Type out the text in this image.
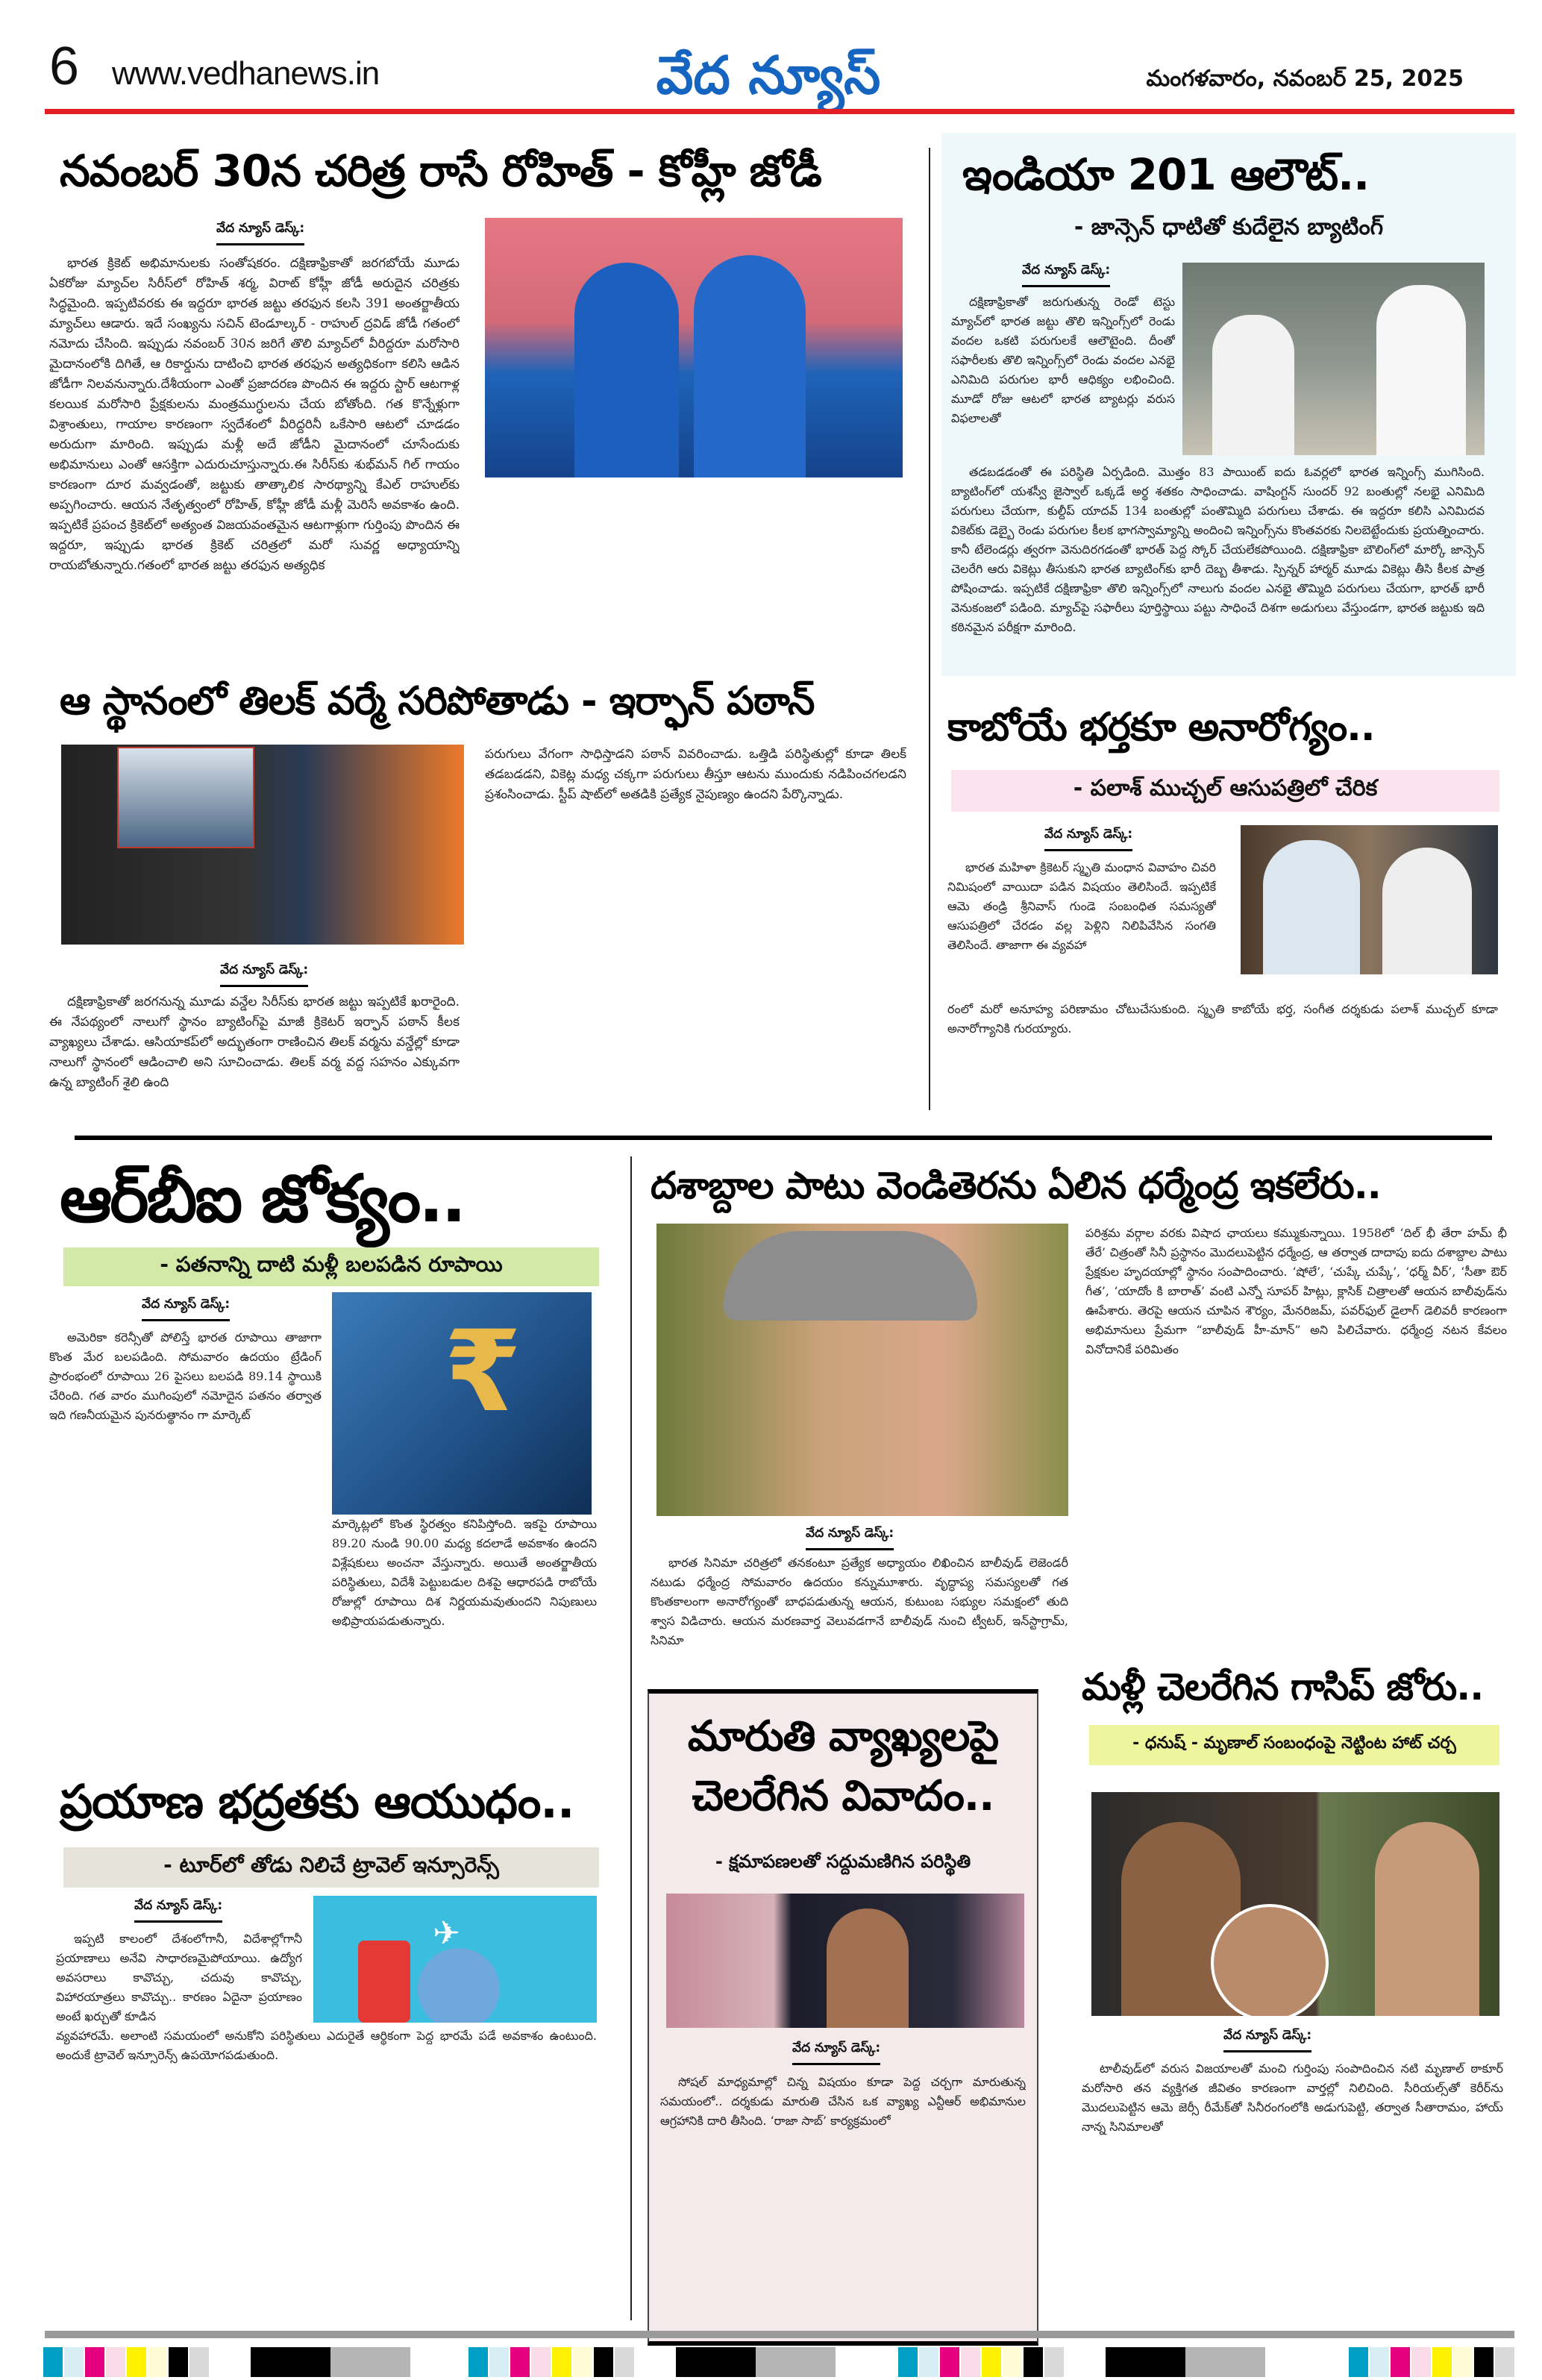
6 www.vedhanews.in	వేద న్యూస్	మంగళవారం, నవంబర్ 25, 2025
నవంబర్ 30న చరిత్ర రాసే రోహిత్ - కోహ్లీ జోడీ
వేద న్యూస్ డెస్క్:
భారత క్రికెట్ అభిమానులకు సంతోషకరం. దక్షిణాఫ్రికాతో జరగబోయే మూడు ఏకరోజు మ్యాచ్‌ల సిరీస్‌లో రోహిత్ శర్మ, విరాట్ కోహ్లీ జోడీ అరుదైన చరిత్రకు సిద్ధమైంది. ఇప్పటివరకు ఈ ఇద్దరూ భారత జట్టు తరఫున కలసి 391 అంతర్జాతీయ మ్యాచ్‌లు ఆడారు. ఇదే సంఖ్యను సచిన్ టెండూల్కర్ - రాహుల్ ద్రవిడ్ జోడీ గతంలో నమోదు చేసింది. ఇప్పుడు నవంబర్ 30న జరిగే తొలి మ్యాచ్‌లో వీరిద్దరూ మరోసారి మైదానంలోకి దిగితే, ఆ రికార్డును దాటించి భారత తరఫున అత్యధికంగా కలిసి ఆడిన జోడీగా నిలవనున్నారు.దేశీయంగా ఎంతో ప్రజాదరణ పొందిన ఈ ఇద్దరు స్టార్ ఆటగాళ్ల కలయిక మరోసారి ప్రేక్షకులను మంత్రముగ్ధులను చేయ బోతోంది. గత కొన్నేళ్లుగా విశ్రాంతులు, గాయాల కారణంగా స్వదేశంలో వీరిద్దరినీ ఒకేసారి ఆటలో చూడడం అరుదుగా మారింది. ఇప్పుడు మళ్లీ అదే జోడీని మైదానంలో చూసేందుకు అభిమానులు ఎంతో ఆసక్తిగా ఎదురుచూస్తున్నారు.ఈ సిరీస్‌కు శుభ్‌మన్ గిల్ గాయం కారణంగా దూర మవ్వడంతో, జట్టుకు తాత్కాలిక సారథ్యాన్ని కేఎల్ రాహుల్‌కు అప్పగించారు. ఆయన నేతృత్వంలో రోహిత్, కోహ్లీ జోడీ మళ్లీ మెరిసే అవకాశం ఉంది. ఇప్పటికే ప్రపంచ క్రికెట్‌లో అత్యంత విజయవంతమైన ఆటగాళ్లుగా గుర్తింపు పొందిన ఈ ఇద్దరూ, ఇప్పుడు భారత క్రికెట్ చరిత్రలో మరో సువర్ణ అధ్యాయాన్ని రాయబోతున్నారు.గతంలో భారత జట్టు తరఫున అత్యధిక
ఇండియా 201 ఆలౌట్..
- జాన్సెన్ ధాటితో కుదేలైన బ్యాటింగ్
వేద న్యూస్ డెస్క్:
దక్షిణాఫ్రికాతో జరుగుతున్న రెండో టెస్టు మ్యాచ్‌లో భారత జట్టు తొలి ఇన్నింగ్స్‌లో రెండు వందల ఒకటి పరుగులకే ఆలౌటైంది. దీంతో సఫారీలకు తొలి ఇన్నింగ్స్‌లో రెండు వందల ఎనభై ఎనిమిది పరుగుల భారీ ఆధిక్యం లభించింది. మూడో రోజు ఆటలో భారత బ్యాటర్లు వరుస విఫలాలతో
తడబడడంతో ఈ పరిస్థితి ఏర్పడింది. మొత్తం 83 పాయింట్ ఐదు ఓవర్లలో భారత ఇన్నింగ్స్ ముగిసింది. బ్యాటింగ్‌లో యశస్వీ జైస్వాల్ ఒక్కడే అర్థ శతకం సాధించాడు. వాషింగ్టన్ సుందర్ 92 బంతుల్లో నలభై ఎనిమిది పరుగులు చేయగా, కుల్దీప్ యాదవ్ 134 బంతుల్లో పంతొమ్మిది పరుగులు చేశాడు. ఈ ఇద్దరూ కలిసి ఎనిమిదవ వికెట్‌కు డెబ్బై రెండు పరుగుల కీలక భాగస్వామ్యాన్ని అందించి ఇన్నింగ్స్‌ను కొంతవరకు నిలబెట్టేందుకు ప్రయత్నించారు. కానీ టేలెండర్లు త్వరగా వెనుదిరగడంతో భారత్ పెద్ద స్కోర్ చేయలేకపోయింది. దక్షిణాఫ్రికా బౌలింగ్‌లో మార్కో జాన్సెన్ చెలరేగి ఆరు వికెట్లు తీసుకుని భారత బ్యాటింగ్‌కు భారీ దెబ్బ తీశాడు. స్పిన్నర్ హార్మర్ మూడు వికెట్లు తీసి కీలక పాత్ర పోషించాడు. ఇప్పటికే దక్షిణాఫ్రికా తొలి ఇన్నింగ్స్‌లో నాలుగు వందల ఎనభై తొమ్మిది పరుగులు చేయగా, భారత్ భారీ వెనుకంజలో పడింది. మ్యాచ్‌పై సఫారీలు పూర్తిస్థాయి పట్టు సాధించే దిశగా అడుగులు వేస్తుండగా, భారత జట్టుకు ఇది కఠినమైన పరీక్షగా మారింది.
ఆ స్థానంలో తిలక్ వర్మే సరిపోతాడు - ఇర్ఫాన్ పఠాన్
వేద న్యూస్ డెస్క్:
దక్షిణాఫ్రికాతో జరగనున్న మూడు వన్డేల సిరీస్‌కు భారత జట్టు ఇప్పటికే ఖరారైంది. ఈ నేపథ్యంలో నాలుగో స్థానం బ్యాటింగ్‌పై మాజీ క్రికెటర్ ఇర్ఫాన్ పఠాన్ కీలక వ్యాఖ్యలు చేశాడు. ఆసియాకప్‌లో అద్భుతంగా రాణించిన తిలక్ వర్మను వన్డేల్లో కూడా నాలుగో స్థానంలో ఆడించాలి అని సూచించాడు. తిలక్ వర్మ వద్ద సహనం ఎక్కువగా ఉన్న బ్యాటింగ్ శైలి ఉంది
పరుగులు వేగంగా సాధిస్తాడని పఠాన్ వివరించాడు. ఒత్తిడి పరిస్థితుల్లో కూడా తిలక్ తడబడడని, వికెట్ల మధ్య చక్కగా పరుగులు తీస్తూ ఆటను ముందుకు నడిపించగలడని ప్రశంసించాడు. స్టీప్ షాట్‌లో అతడికి ప్రత్యేక నైపుణ్యం ఉందని పేర్కొన్నాడు.
కాబోయే భర్తకూ అనారోగ్యం..
- పలాశ్ ముచ్చల్ ఆసుపత్రిలో చేరిక
వేద న్యూస్ డెస్క్:
భారత మహిళా క్రికెటర్ స్మృతి మంధాన వివాహం చివరి నిమిషంలో వాయిదా పడిన విషయం తెలిసిందే. ఇప్పటికే ఆమె తండ్రి శ్రీనివాస్ గుండె సంబంధిత సమస్యతో ఆసుపత్రిలో చేరడం వల్ల పెళ్లిని నిలిపివేసిన సంగతి తెలిసిందే. తాజాగా ఈ వ్యవహా
రంలో మరో అనూహ్య పరిణామం చోటుచేసుకుంది. స్మృతి కాబోయే భర్త, సంగీత దర్శకుడు పలాశ్ ముచ్చల్ కూడా అనారోగ్యానికి గురయ్యారు.
ఆర్‌బీఐ జోక్యం..
- పతనాన్ని దాటి మళ్లీ బలపడిన రూపాయి
వేద న్యూస్ డెస్క్:
అమెరికా కరెన్సీతో పోలిస్తే భారత రూపాయి తాజాగా కొంత మేర బలపడింది. సోమవారం ఉదయం ట్రేడింగ్ ప్రారంభంలో రూపాయి 26 పైసలు బలపడి 89.14 స్థాయికి చేరింది. గత వారం ముగింపులో నమోదైన పతనం తర్వాత ఇది గణనీయమైన పునరుత్థానం గా మార్కెట్	₹
మార్కెట్లలో కొంత స్థిరత్వం కనిపిస్తోంది. ఇకపై రూపాయి 89.20 నుండి 90.00 మధ్య కదలాడే అవకాశం ఉందని విశ్లేషకులు అంచనా వేస్తున్నారు. అయితే అంతర్జాతీయ పరిస్థితులు, విదేశీ పెట్టుబడుల దిశపై ఆధారపడి రాబోయే రోజుల్లో రూపాయి దిశ నిర్ణయమవుతుందని నిపుణులు అభిప్రాయపడుతున్నారు.
ప్రయాణ భద్రతకు ఆయుధం..
- టూర్‌లో తోడు నిలిచే ట్రావెల్ ఇన్సూరెన్స్
వేద న్యూస్ డెస్క్:
ఇప్పటి కాలంలో దేశంలోగానీ, విదేశాల్లోగానీ ప్రయాణాలు అనేవి సాధారణమైపోయాయి. ఉద్యోగ అవసరాలు కావొచ్చు, చదువు కావొచ్చు, విహారయాత్రలు కావొచ్చు.. కారణం ఏదైనా ప్రయాణం అంటే ఖర్చుతో కూడిన
✈
వ్యవహారమే. అలాంటి సమయంలో అనుకోని పరిస్థితులు ఎదురైతే ఆర్థికంగా పెద్ద భారమే పడే అవకాశం ఉంటుంది. అందుకే ట్రావెల్ ఇన్సూరెన్స్ ఉపయోగపడుతుంది.
దశాబ్దాల పాటు వెండితెరను ఏలిన ధర్మేంద్ర ఇకలేరు..
పరిశ్రమ వర్గాల వరకు విషాద ఛాయలు కమ్ముకున్నాయి. 1958లో ‘దిల్ భీ తేరా హమ్ భీ తేరే’ చిత్రంతో సినీ ప్రస్థానం మొదలుపెట్టిన ధర్మేంద్ర, ఆ తర్వాత దాదాపు ఐదు దశాబ్దాల పాటు ప్రేక్షకుల హృదయాల్లో స్థానం సంపాదించారు. ‘షోలే’, ‘చుప్కే చుప్కే’, ‘ధర్మ్ వీర్’, ‘సీతా ఔర్ గీత’, ‘యాదోం కి బారాత్’ వంటి ఎన్నో సూపర్ హిట్లు, క్లాసిక్ చిత్రాలతో ఆయన బాలీవుడ్‌ను ఊపేశారు. తెరపై ఆయన చూపిన శౌర్యం, మేనరిజమ్, పవర్‌ఫుల్ డైలాగ్ డెలివరీ కారణంగా అభిమానులు ప్రేమగా “బాలీవుడ్ హీ-మాన్” అని పిలిచేవారు. ధర్మేంద్ర నటన కేవలం వినోదానికే పరిమితం
వేద న్యూస్ డెస్క్:
భారత సినిమా చరిత్రలో తనకంటూ ప్రత్యేక అధ్యాయం లిఖించిన బాలీవుడ్ లెజెండరీ నటుడు ధర్మేంద్ర సోమవారం ఉదయం కన్నుమూశారు. వృద్ధాప్య సమస్యలతో గత కొంతకాలంగా అనారోగ్యంతో బాధపడుతున్న ఆయన, కుటుంబ సభ్యుల సమక్షంలో తుది శ్వాస విడిచారు. ఆయన మరణవార్త వెలువడగానే బాలీవుడ్ నుంచి ట్వీటర్, ఇన్‌స్టాగ్రామ్, సినిమా
మారుతి వ్యాఖ్యలపై
చెలరేగిన వివాదం..
- క్షమాపణలతో సద్దుమణిగిన పరిస్థితి
వేద న్యూస్ డెస్క్:
సోషల్ మాధ్యమాల్లో చిన్న విషయం కూడా పెద్ద చర్చగా మారుతున్న సమయంలో.. దర్శకుడు మారుతి చేసిన ఒక వ్యాఖ్య ఎన్టీఆర్ అభిమానుల ఆగ్రహానికి దారి తీసింది. ‘రాజా సాబ్’ కార్యక్రమంలో
మళ్లీ చెలరేగిన గాసిప్ జోరు..
- ధనుష్ - మృణాల్ సంబంధంపై నెట్టింట హాట్ చర్చ
వేద న్యూస్ డెస్క్:
టాలీవుడ్‌లో వరుస విజయాలతో మంచి గుర్తింపు సంపాదించిన నటి మృణాల్ ఠాకూర్ మరోసారి తన వ్యక్తిగత జీవితం కారణంగా వార్తల్లో నిలిచింది. సీరియల్స్‌తో కెరీర్‌ను మొదలుపెట్టిన ఆమె జెర్సీ రీమేక్‌తో సినీరంగంలోకి అడుగుపెట్టి, తర్వాత సీతారామం, హాయ్ నాన్న సినిమాలతో
